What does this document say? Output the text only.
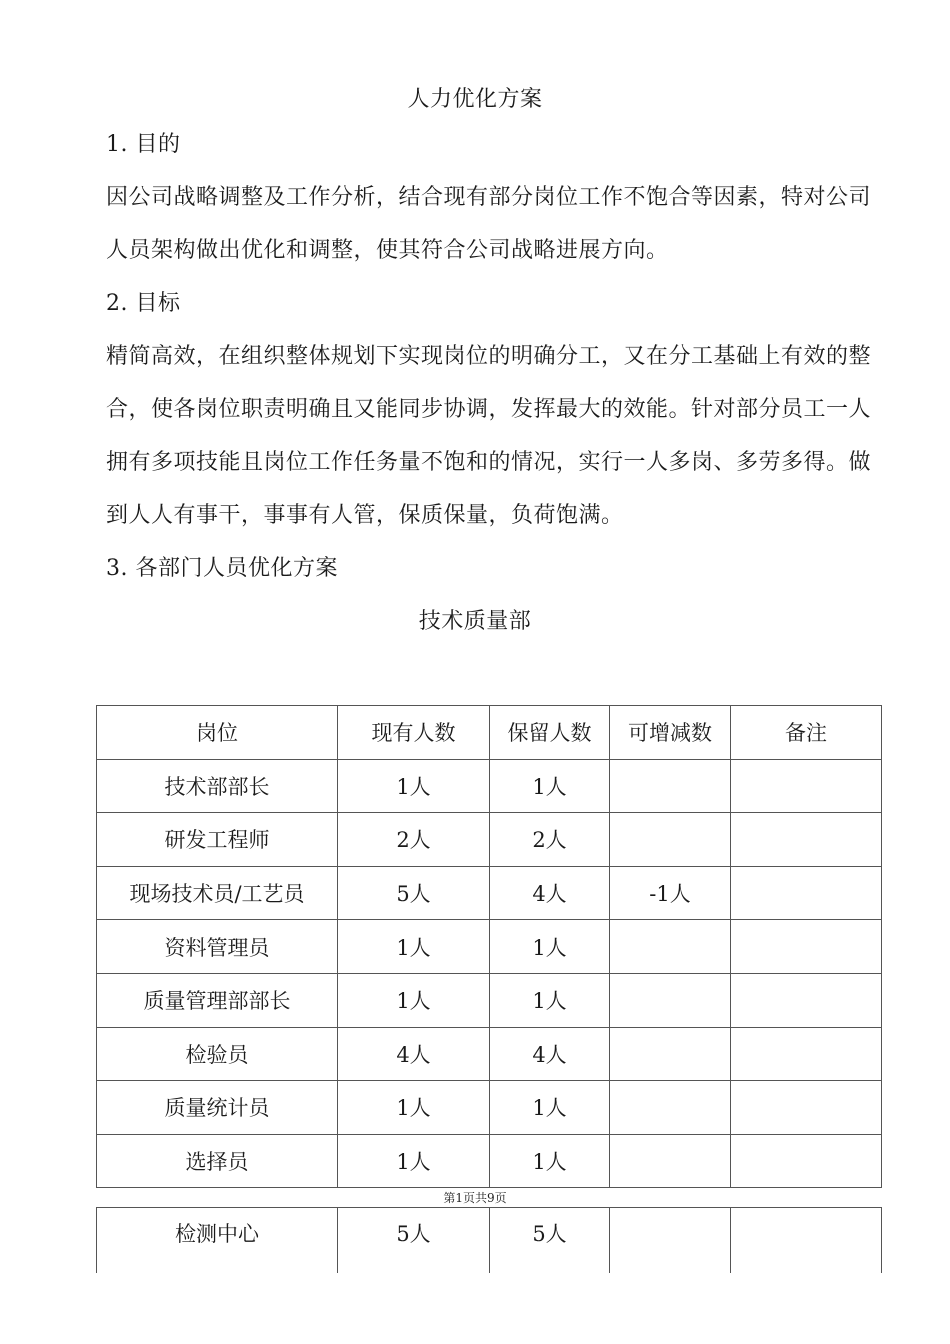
人力优化方案
1. 目的
因公司战略调整及工作分析，结合现有部分岗位工作不饱合等因素，特对公司
人员架构做出优化和调整，使其符合公司战略进展方向。
2. 目标
精简高效，在组织整体规划下实现岗位的明确分工，又在分工基础上有效的整
合，使各岗位职责明确且又能同步协调，发挥最大的效能。针对部分员工一人
拥有多项技能且岗位工作任务量不饱和的情况，实行一人多岗、多劳多得。做
到人人有事干，事事有人管，保质保量，负荷饱满。
3. 各部门人员优化方案
技术质量部
岗位	现有人数	保留人数	可增减数	备注
技术部部长	1人	1人		
研发工程师	2人	2人		
现场技术员/工艺员	5人	4人	-1人	
资料管理员	1人	1人		
质量管理部部长	1人	1人		
检验员	4人	4人		
质量统计员	1人	1人		
选择员	1人	1人		
第1页共9页
检测中心	5人	5人		
